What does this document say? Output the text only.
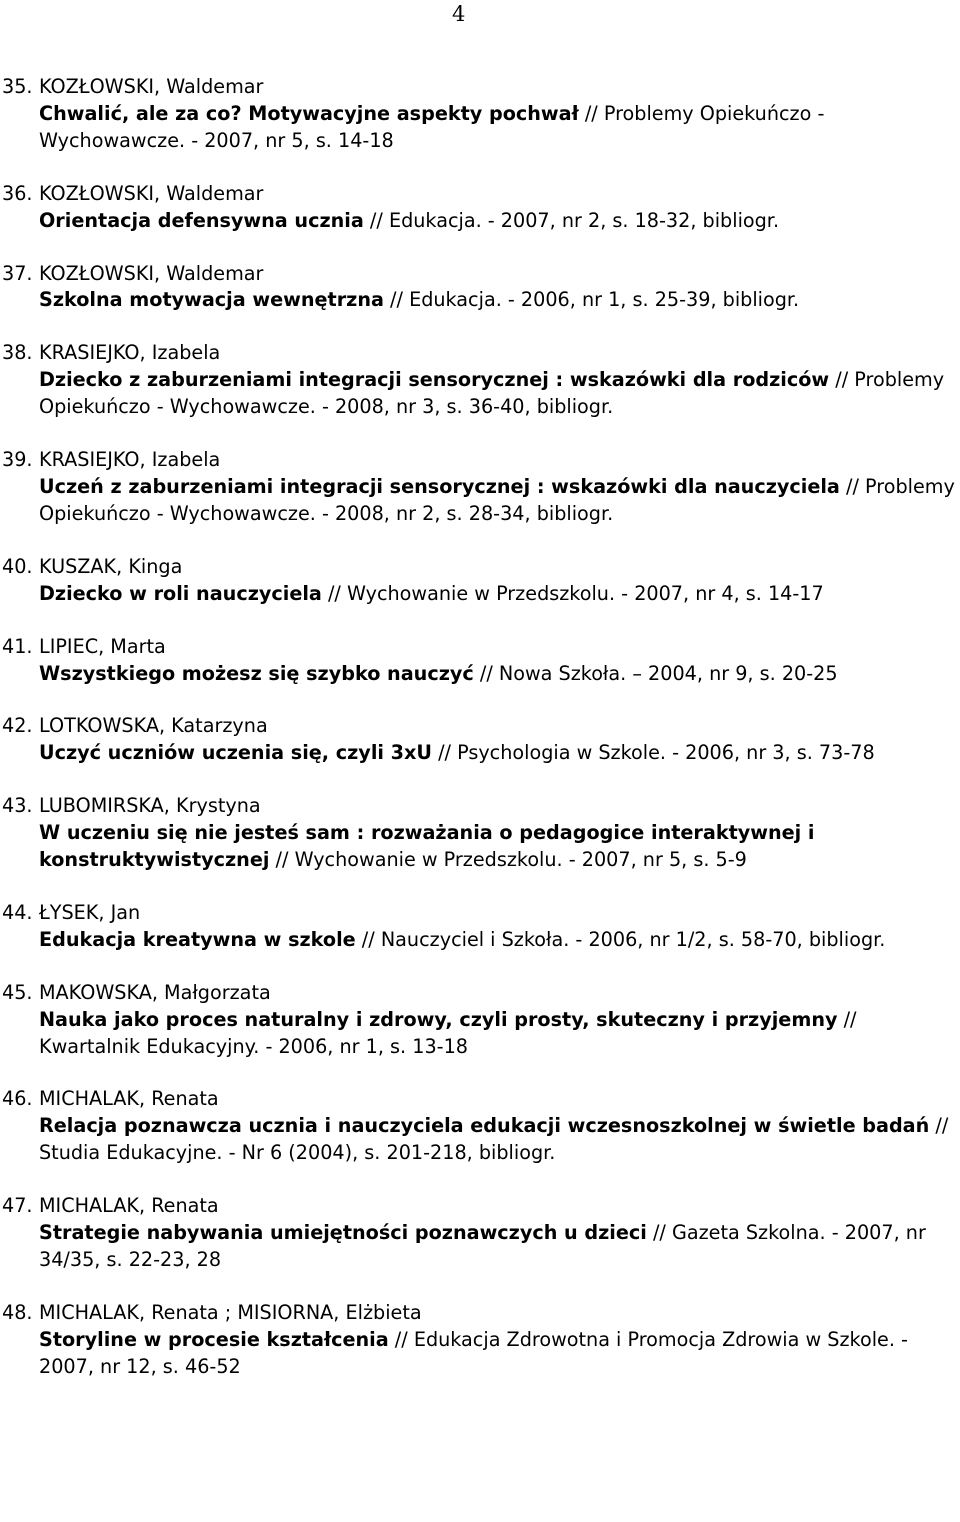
4
35. KOZŁOWSKI, Waldemar
Chwalić, ale za co? Motywacyjne aspekty pochwał // Problemy Opiekuńczo - Wychowawcze. - 2007, nr 5, s. 14-18
36. KOZŁOWSKI, Waldemar
Orientacja defensywna ucznia // Edukacja. - 2007, nr 2, s. 18-32, bibliogr.
37. KOZŁOWSKI, Waldemar
Szkolna motywacja wewnętrzna // Edukacja. - 2006, nr 1, s. 25-39, bibliogr.
38. KRASIEJKO, Izabela
Dziecko z zaburzeniami integracji sensorycznej : wskazówki dla rodziców // Problemy Opiekuńczo - Wychowawcze. - 2008, nr 3, s. 36-40, bibliogr.
39. KRASIEJKO, Izabela
Uczeń z zaburzeniami integracji sensorycznej : wskazówki dla nauczyciela // Problemy Opiekuńczo - Wychowawcze. - 2008, nr 2, s. 28-34, bibliogr.
40. KUSZAK, Kinga
Dziecko w roli nauczyciela // Wychowanie w Przedszkolu. - 2007, nr 4, s. 14-17
41. LIPIEC, Marta
Wszystkiego możesz się szybko nauczyć // Nowa Szkoła. – 2004, nr 9, s. 20-25
42. LOTKOWSKA, Katarzyna
Uczyć uczniów uczenia się, czyli 3xU // Psychologia w Szkole. - 2006, nr 3, s. 73-78
43. LUBOMIRSKA, Krystyna
W uczeniu się nie jesteś sam : rozważania o pedagogice interaktywnej i konstruktywistycznej // Wychowanie w Przedszkolu. - 2007, nr 5, s. 5-9
44. ŁYSEK, Jan
Edukacja kreatywna w szkole // Nauczyciel i Szkoła. - 2006, nr 1/2, s. 58-70, bibliogr.
45. MAKOWSKA, Małgorzata
Nauka jako proces naturalny i zdrowy, czyli prosty, skuteczny i przyjemny // Kwartalnik Edukacyjny. - 2006, nr 1, s. 13-18
46. MICHALAK, Renata
Relacja poznawcza ucznia i nauczyciela edukacji wczesnoszkolnej w świetle badań // Studia Edukacyjne. - Nr 6 (2004), s. 201-218, bibliogr.
47. MICHALAK, Renata
Strategie nabywania umiejętności poznawczych u dzieci // Gazeta Szkolna. - 2007, nr 34/35, s. 22-23, 28
48. MICHALAK, Renata ; MISIORNA, Elżbieta
Storyline w procesie kształcenia // Edukacja Zdrowotna i Promocja Zdrowia w Szkole. - 2007, nr 12, s. 46-52
